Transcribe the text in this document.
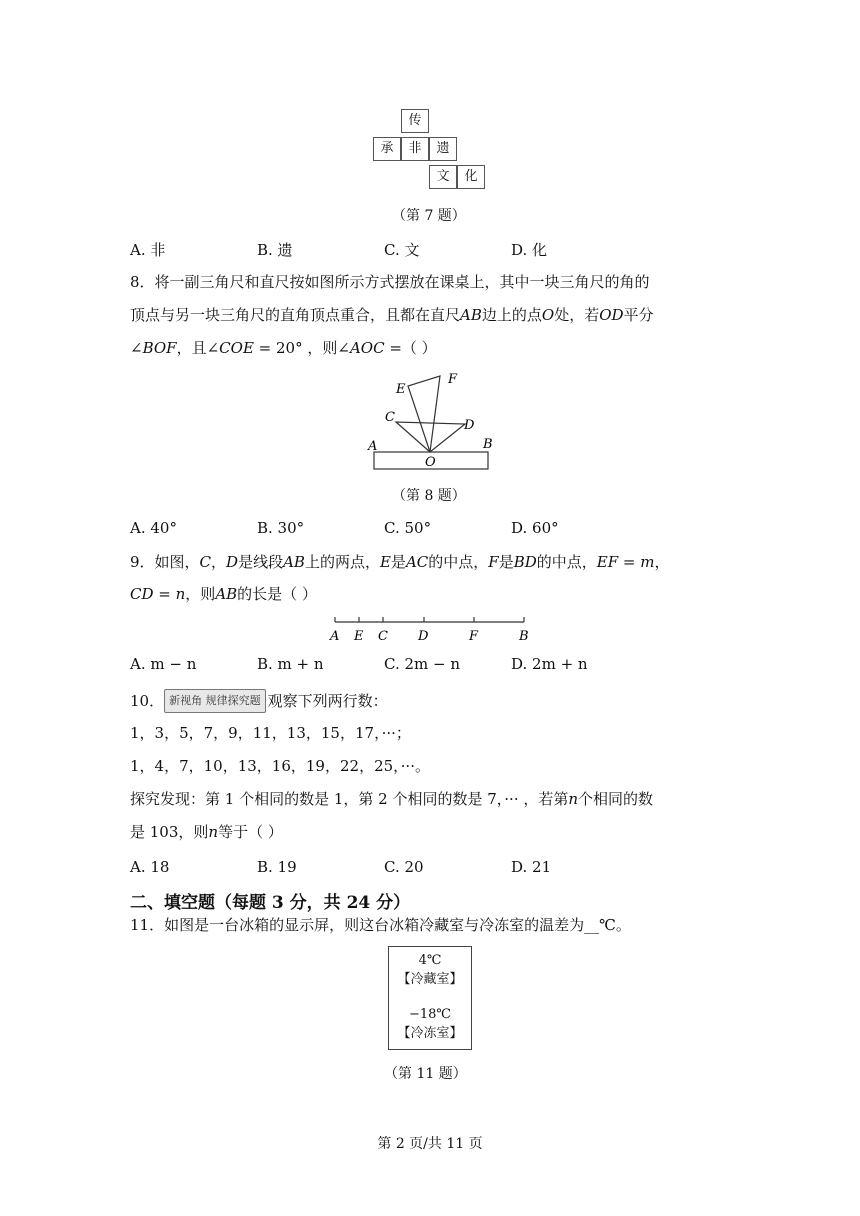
传
承	非	遗
文	化
（第 7 题）
A. 非	B. 遗	C. 文	D. 化
8．将一副三角尺和直尺按如图所示方式摆放在课桌上，其中一块三角尺的角的
顶点与另一块三角尺的直角顶点重合，且都在直尺AB边上的点O处，若OD平分
∠BOF，且∠COE = 20° ，则∠AOC =（ ）
E
F
C
D
A	B
O
（第 8 题）
A. 40°	B. 30°	C. 50°	D. 60°
9．如图，C，D是线段AB上的两点，E是AC的中点，F是BD的中点，EF = m，
CD = n，则AB的长是（ ）
A E C D	F	B
A. m − n	B. m + n	C. 2m − n	D. 2m + n
10． 新视角 规律探究题 观察下列两行数：
1，3，5，7，9，11，13，15，17，···；
1，4，7，10，13，16，19，22，25，···。
探究发现：第 1 个相同的数是 1，第 2 个相同的数是 7，··· ，若第n个相同的数
是 103，则n等于（ ）
A. 18	B. 19	C. 20	D. 21
二、填空题（每题 3 分，共 24 分）
11．如图是一台冰箱的显示屏，则这台冰箱冷藏室与冷冻室的温差为__℃。
4℃
【冷藏室】
−18℃
【冷冻室】
（第 11 题）
第 2 页/共 11 页
